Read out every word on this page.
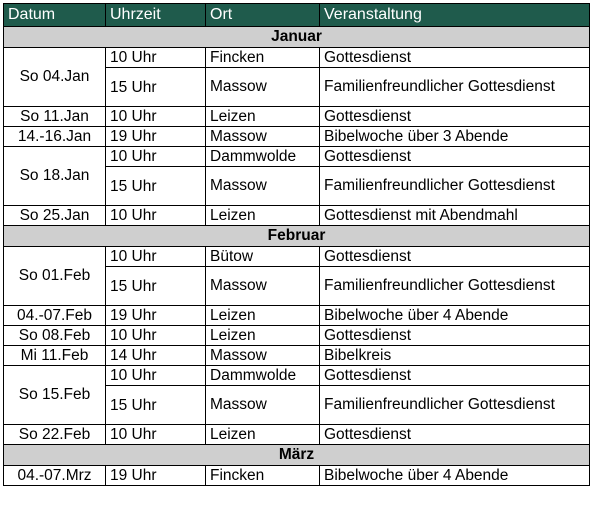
Datum	Uhrzeit	Ort	Veranstaltung
Januar			
So 04.Jan	10 Uhr	Fincken	Gottesdienst
	15 Uhr	Massow	Familienfreundlicher Gottesdienst
So 11.Jan	10 Uhr	Leizen	Gottesdienst
14.-16.Jan	19 Uhr	Massow	Bibelwoche über 3 Abende
So 18.Jan	10 Uhr	Dammwolde	Gottesdienst
	15 Uhr	Massow	Familienfreundlicher Gottesdienst
So 25.Jan	10 Uhr	Leizen	Gottesdienst mit Abendmahl
Februar			
So 01.Feb	10 Uhr	Bütow	Gottesdienst
	15 Uhr	Massow	Familienfreundlicher Gottesdienst
04.-07.Feb	19 Uhr	Leizen	Bibelwoche über 4 Abende
So 08.Feb	10 Uhr	Leizen	Gottesdienst
Mi 11.Feb	14 Uhr	Massow	Bibelkreis
So 15.Feb	10 Uhr	Dammwolde	Gottesdienst
	15 Uhr	Massow	Familienfreundlicher Gottesdienst
So 22.Feb	10 Uhr	Leizen	Gottesdienst
März			
04.-07.Mrz	19 Uhr	Fincken	Bibelwoche über 4 Abende
